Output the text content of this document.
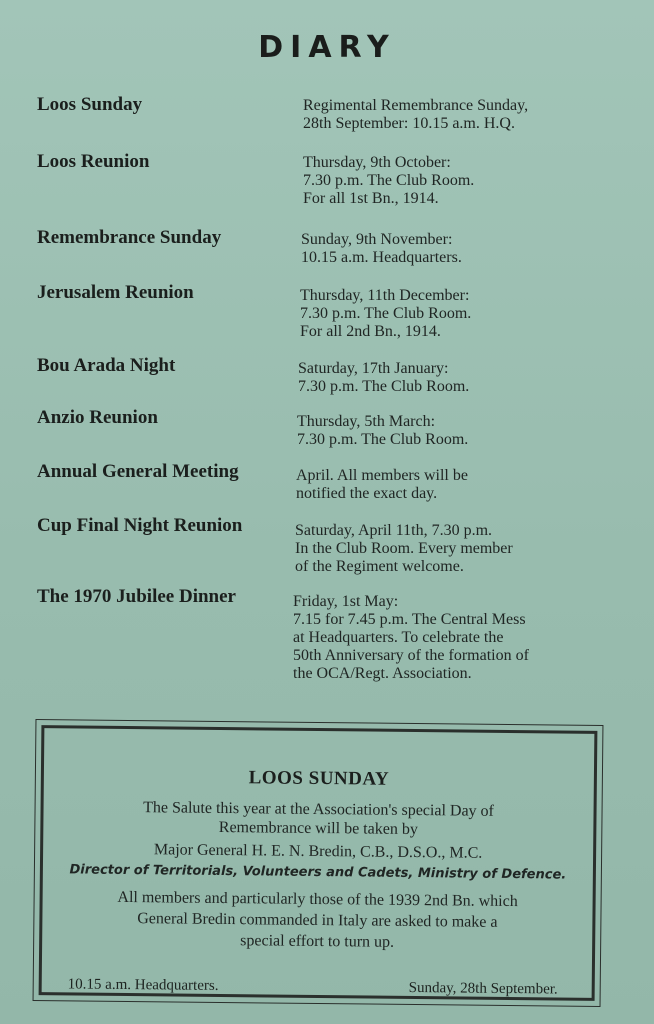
DIARY
Loos Sunday	Regimental Remembrance Sunday,
28th September: 10.15 a.m. H.Q.
Loos Reunion	Thursday, 9th October:
7.30 p.m. The Club Room.
For all 1st Bn., 1914.
Remembrance Sunday	Sunday, 9th November:
10.15 a.m. Headquarters.
Jerusalem Reunion	Thursday, 11th December:
7.30 p.m. The Club Room.
For all 2nd Bn., 1914.
Bou Arada Night	Saturday, 17th January:
7.30 p.m. The Club Room.
Anzio Reunion	Thursday, 5th March:
7.30 p.m. The Club Room.
Annual General Meeting	April. All members will be
notified the exact day.
Cup Final Night Reunion	Saturday, April 11th, 7.30 p.m.
In the Club Room. Every member
of the Regiment welcome.
The 1970 Jubilee Dinner	Friday, 1st May:
7.15 for 7.45 p.m. The Central Mess
at Headquarters. To celebrate the
50th Anniversary of the formation of
the OCA/Regt. Association.
LOOS SUNDAY
The Salute this year at the Association's special Day of
Remembrance will be taken by
Major General H. E. N. Bredin, C.B., D.S.O., M.C.
Director of Territorials, Volunteers and Cadets, Ministry of Defence.
All members and particularly those of the 1939 2nd Bn. which
General Bredin commanded in Italy are asked to make a
special effort to turn up.
10.15 a.m. Headquarters.	Sunday, 28th September.
